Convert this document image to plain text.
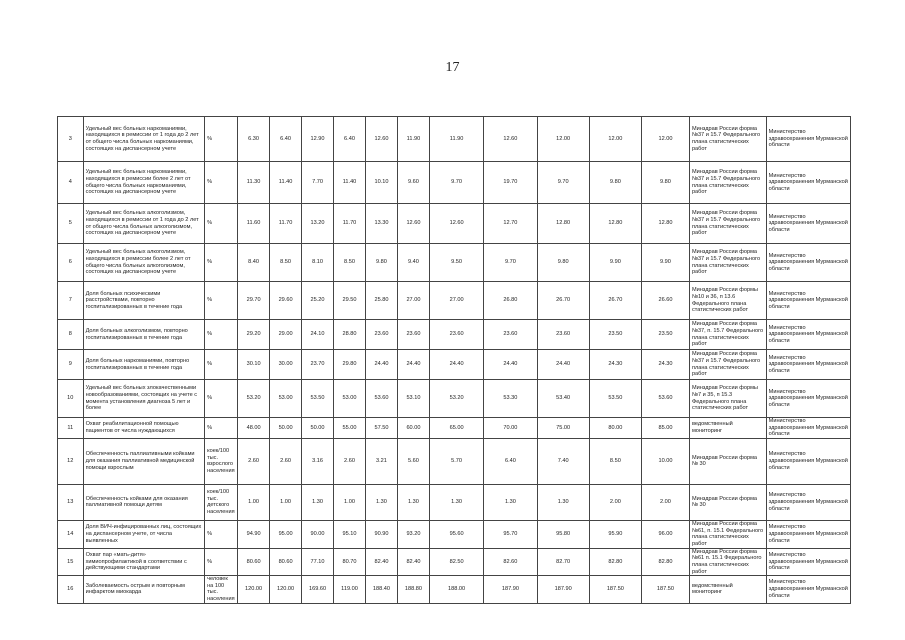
17
3	Удельный вес больных наркоманиями, находящихся в ремиссии от 1 года до 2 лет от общего числа больных наркоманиями, состоящих на диспансерном учете	%	6.30	6.40	12.90	6.40	12.60	11.90	11.90	12.60	12.00	12.00	12.00	Минздрав России форма №37 и 15.7 Федерального плана статистических работ	Министерство здравоохранения Мурманской области
4	Удельный вес больных наркоманиями, находящихся в ремиссии более 2 лет от общего числа больных наркоманиями, состоящих на диспансерном учете	%	11.30	11.40	7.70	11.40	10.10	9.60	9.70	19.70	9.70	9.80	9.80	Минздрав России форма №37 и 15.7 Федерального плана статистических работ	Министерство здравоохранения Мурманской области
5	Удельный вес больных алкоголизмом, находящихся в ремиссии от 1 года до 2 лет от общего числа больных алкоголизмом, состоящих на диспансерном учете	%	11.60	11.70	13.20	11.70	13.30	12.60	12.60	12.70	12.80	12.80	12.80	Минздрав России форма №37 и 15.7 Федерального плана статистических работ	Министерство здравоохранения Мурманской области
6	Удельный вес больных алкоголизмом, находящихся в ремиссии более 2 лет от общего числа больных алкоголизмом, состоящих на диспансерном учете	%	8.40	8.50	8.10	8.50	9.80	9.40	9.50	9.70	9.80	9.90	9.90	Минздрав России форма №37 и 15.7 Федерального плана статистических работ	Министерство здравоохранения Мурманской области
7	Доля больных психическими расстройствами, повторно госпитализированных в течение года	%	29.70	29.60	25.20	29.50	25.80	27.00	27.00	26.80	26.70	26.70	26.60	Минздрав России формы №10 и 36, п 13.6 Федерального плана статистических работ	Министерство здравоохранения Мурманской области
8	Доля больных алкоголизмом, повторно госпитализированных в течение года	%	29.20	29.00	24.10	28.80	23.60	23.60	23.60	23.60	23.60	23.50	23.50	Минздрав России форма №37, п. 15.7 Федерального плана статистических работ	Министерство здравоохранения Мурманской области
9	Доля больных наркоманиями, повторно госпитализированных в течение года	%	30.10	30.00	23.70	29.80	24.40	24.40	24.40	24.40	24.40	24.30	24.30	Минздрав России форма №37 и 15.7 Федерального плана статистических работ	Министерство здравоохранения Мурманской области
10	Удельный вес больных злокачественными новообразованиями, состоящих на учете с момента установления диагноза 5 лет и более	%	53.20	53.00	53.50	53.00	53.60	53.10	53.20	53.30	53.40	53.50	53.60	Минздрав России формы №7 и 35, п 15.3 Федерального плана статистических работ	Министерство здравоохранения Мурманской области
11	Охват реабилитационной помощью пациентов от числа нуждающихся	%	48.00	50.00	50.00	55.00	57.50	60.00	65.00	70.00	75.00	80.00	85.00	ведомственный мониторинг	Министерство здравоохранения Мурманской области
12	Обеспеченность паллиативными койками для оказания паллиативной медицинской помощи взрослым	коек/100 тыс. взрослого населения	2.60	2.60	3.16	2.60	3.21	5.60	5.70	6.40	7.40	8.50	10.00	Минздрав России форма № 30	Министерство здравоохранения Мурманской области
13	Обеспеченность койками для оказания паллиативной помощи детям	коек/100 тыс. детского населения	1.00	1.00	1.30	1.00	1.30	1.30	1.30	1.30	1.30	2.00	2.00	Минздрав России форма № 30	Министерство здравоохранения Мурманской области
14	Доля ВИЧ-инфицированных лиц, состоящих на диспансерном учете, от числа выявленных	%	94.90	95.00	90.00	95.10	90.90	93.20	95.60	95.70	95.80	95.90	96.00	Минздрав России форма №61, п. 15.1 Федерального плана статистических работ	Министерство здравоохранения Мурманской области
15	Охват пар «мать-дитя» химиопрофилактикой в соответствии с действующими стандартами	%	80.60	80.60	77.10	80.70	82.40	82.40	82.50	82.60	82.70	82.80	82.80	Минздрав России форма №61 п. 15.1 Федерального плана статистических работ	Министерство здравоохранения Мурманской области
16	Заболеваемость острым и повторным инфарктом миокарда	человек на 100 тыс. населения	120.00	120.00	169.60	119.00	188.40	188.80	188.00	187.90	187.90	187.50	187.50	ведомственный мониторинг	Министерство здравоохранения Мурманской области
